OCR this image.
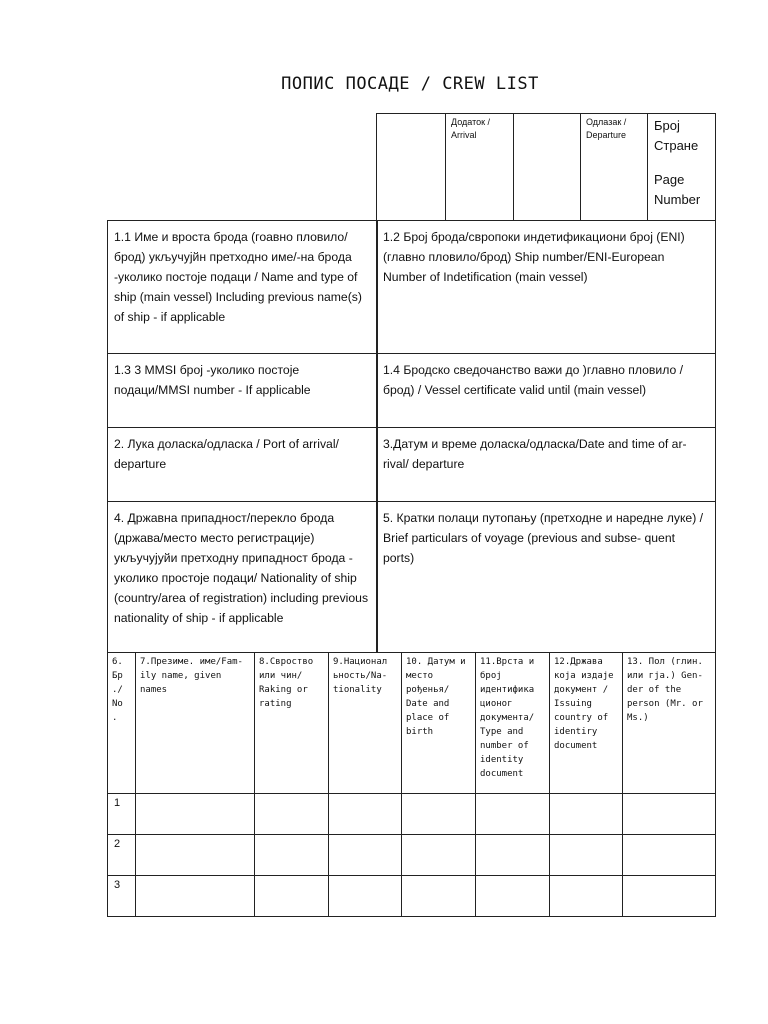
ПОПИС ПОСАДЕ / CREW LIST
Додаток / Arrival
Одлазак / Departure
Број Стране
Page Number
1.1 Име и вроста брода (гоавно пловило/брод) укључујйн претходно име/-на брода -уколико постоје подаци / Name and type of ship (main vessel) Including previous name(s) of ship - if applicable
1.2 Број брода/свропоки индетификациони број (ENI) (главно пловило/брод) Ship number/ENI-European Number of Indetification (main vessel)
1.3 3 MMSI број -уколико постоје подаци/MMSI number - If applicable
1.4 Бродско сведочанство важи до )главно пловило / брод) / Vessel certificate valid until (main vessel)
2. Лука доласка/одласка / Port of arrival/ departure
3.Датум и време доласка/одласка/Date and time of ar- rival/ departure
4. Државна припадност/перекло брода (држава/место место регистрације) укључујуйи претходну припадност брода - уколико простоје подаци/ Nationality of ship (country/area of registration) including previous nationality of ship - if applicable
5. Кратки полаци путопању (претходне и наредне луке) / Brief particulars of voyage (previous and subse- quent ports)
6. Бр ./ No .
7.Презиме. име/Fam- ily name, given names
8.Свроство или чин/ Raking or rating
9.Национал ьность/Na- tionality
10. Датум и место рођенья/ Date and place of birth
11.Врста и број идентифика ционог документа/ Type and number of identity document
12.Држава која издаје документ / Issuing country of identiry document
13. Пол (глин. или гја.) Gen- der of the person (Mr. or Ms.)
1
2
3
